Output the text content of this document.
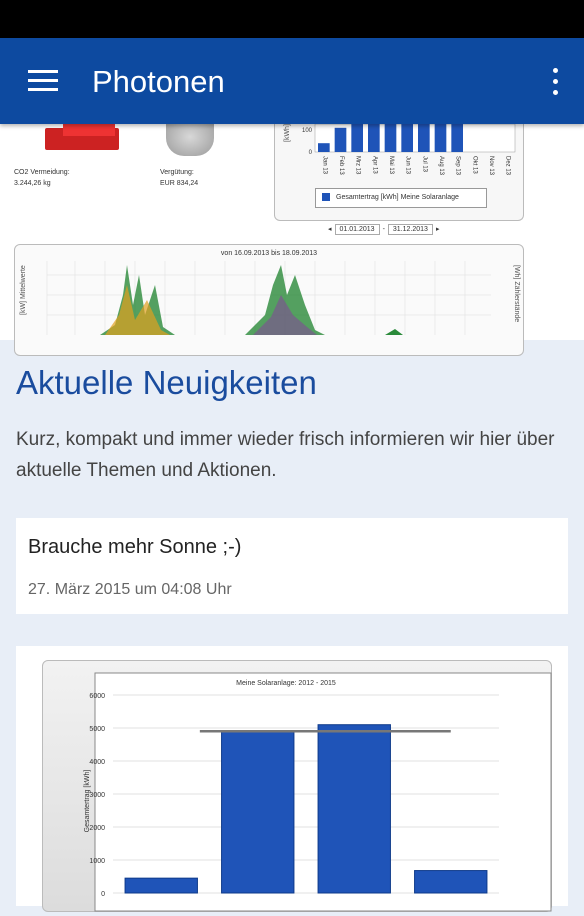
Photonen
CO2 Vermeidung:
3.244,26 kg
Vergütung:
EUR 834,24
[kWh] 100
0
Jan 13 Feb 13 Mrz 13 Apr 13 Mai 13 Jun 13 Jul 13 Aug 13 Sep 13 Okt 13 Nov 13 Dez 13
Gesamtertrag [kWh] Meine Solaranlage
◂ 01.01.2013 - 31.12.2013 ▸
von 16.09.2013 bis 18.09.2013
[kW] Mittelwerte	[Wh] Zählerstände
Aktuelle Neuigkeiten
Kurz, kompakt und immer wieder frisch informieren wir hier über aktuelle Themen und Aktionen.
Brauche mehr Sonne ;-)
27. März 2015 um 04:08 Uhr
Meine Solaranlage: 2012 - 2015
6000
5000
4000
3000
2000
1000
0
Gesamtertrag [kWh]
